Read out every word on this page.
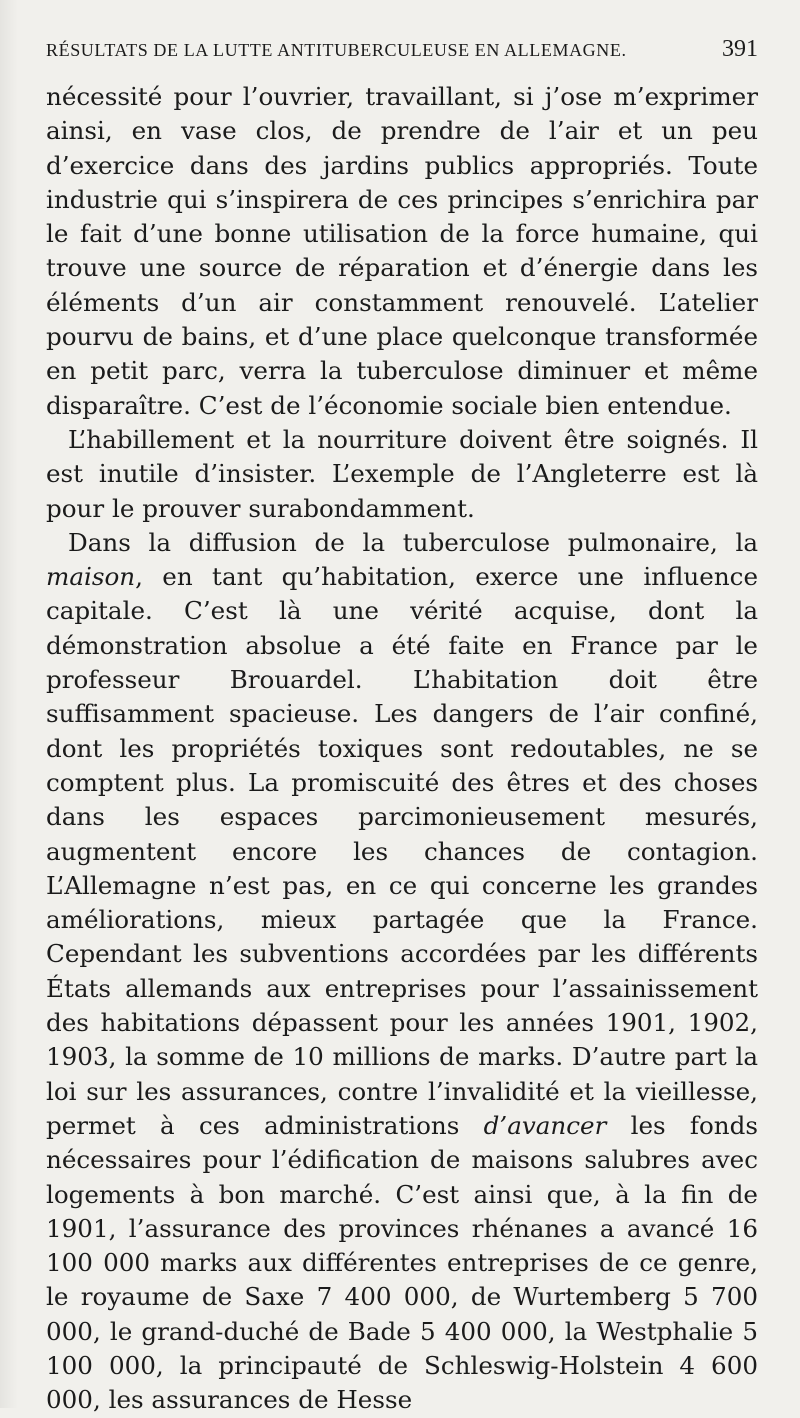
RÉSULTATS DE LA LUTTE ANTITUBERCULEUSE EN ALLEMAGNE.	391

nécessité pour l’ouvrier, travaillant, si j’ose m’exprimer ainsi, en vase clos, de prendre de l’air et un peu d’exercice dans des jardins publics appropriés. Toute industrie qui s’inspirera de ces principes s’enrichira par le fait d’une bonne utilisation de la force humaine, qui trouve une source de réparation et d’énergie dans les éléments d’un air constamment renouvelé. L’atelier pourvu de bains, et d’une place quelconque transformée en petit parc, verra la tuberculose diminuer et même disparaître. C’est de l’économie sociale bien entendue.

L’habillement et la nourriture doivent être soignés. Il est inutile d’insister. L’exemple de l’Angleterre est là pour le prouver surabondamment.

Dans la diffusion de la tuberculose pulmonaire, la maison, en tant qu’habitation, exerce une influence capitale. C’est là une vérité acquise, dont la démonstration absolue a été faite en France par le professeur Brouardel. L’habitation doit être suffisamment spacieuse. Les dangers de l’air confiné, dont les propriétés toxiques sont redoutables, ne se comptent plus. La promiscuité des êtres et des choses dans les espaces parcimonieusement mesurés, augmentent encore les chances de contagion. L’Allemagne n’est pas, en ce qui concerne les grandes améliorations, mieux partagée que la France. Cependant les subventions accordées par les différents États allemands aux entreprises pour l’assainissement des habitations dépassent pour les années 1901, 1902, 1903, la somme de 10 millions de marks. D’autre part la loi sur les assurances, contre l’invalidité et la vieillesse, permet à ces administrations d’avancer les fonds nécessaires pour l’édification de maisons salubres avec logements à bon marché. C’est ainsi que, à la fin de 1901, l’assurance des provinces rhénanes a avancé 16 100 000 marks aux différentes entreprises de ce genre, le royaume de Saxe 7 400 000, de Wurtemberg 5 700 000, le grand-duché de Bade 5 400 000, la Westphalie 5 100 000, la principauté de Schleswig-Holstein 4 600 000, les assurances de Hesse
